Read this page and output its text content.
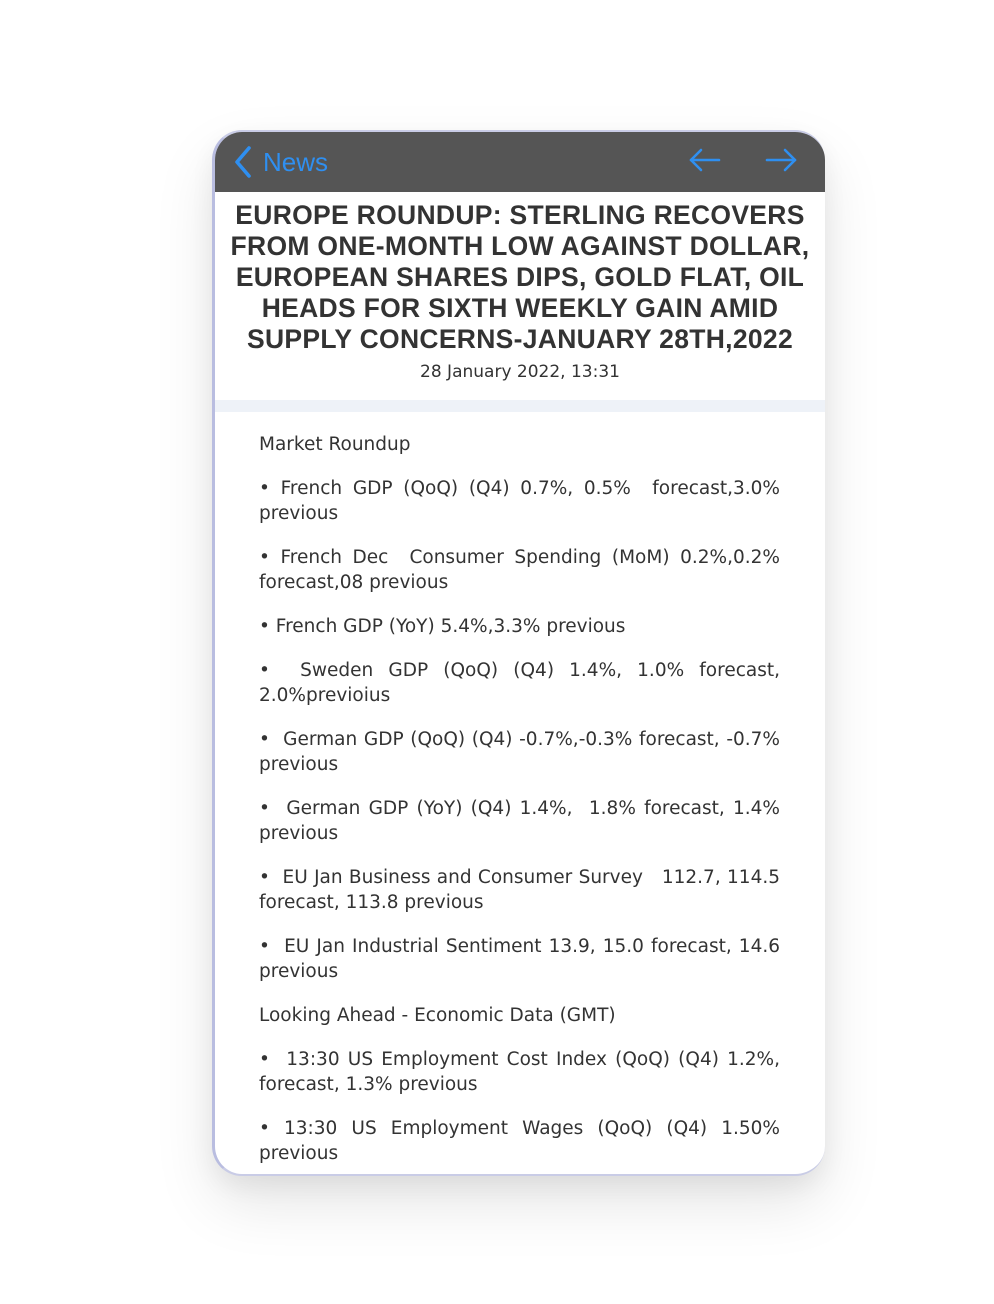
News
EUROPE ROUNDUP: STERLING RECOVERS FROM ONE-MONTH LOW AGAINST DOLLAR, EUROPEAN SHARES DIPS, GOLD FLAT, OIL HEADS FOR SIXTH WEEKLY GAIN AMID SUPPLY CONCERNS-JANUARY 28TH,2022
28 January 2022, 13:31

Market Roundup

• French GDP (QoQ) (Q4) 0.7%, 0.5%  forecast,3.0% previous

• French Dec  Consumer Spending (MoM) 0.2%,0.2% forecast,08 previous

• French GDP (YoY) 5.4%,3.3% previous

•  Sweden GDP (QoQ) (Q4) 1.4%, 1.0% forecast, 2.0%previoius

•  German GDP (QoQ) (Q4) -0.7%,-0.3% forecast, -0.7% previous

•  German GDP (YoY) (Q4) 1.4%,  1.8% forecast, 1.4% previous

•  EU Jan Business and Consumer Survey   112.7, 114.5 forecast, 113.8 previous

•  EU Jan Industrial Sentiment 13.9, 15.0 forecast, 14.6 previous

Looking Ahead - Economic Data (GMT)

•  13:30 US Employment Cost Index (QoQ) (Q4) 1.2%, forecast, 1.3% previous

• 13:30 US Employment Wages (QoQ) (Q4) 1.50% previous
